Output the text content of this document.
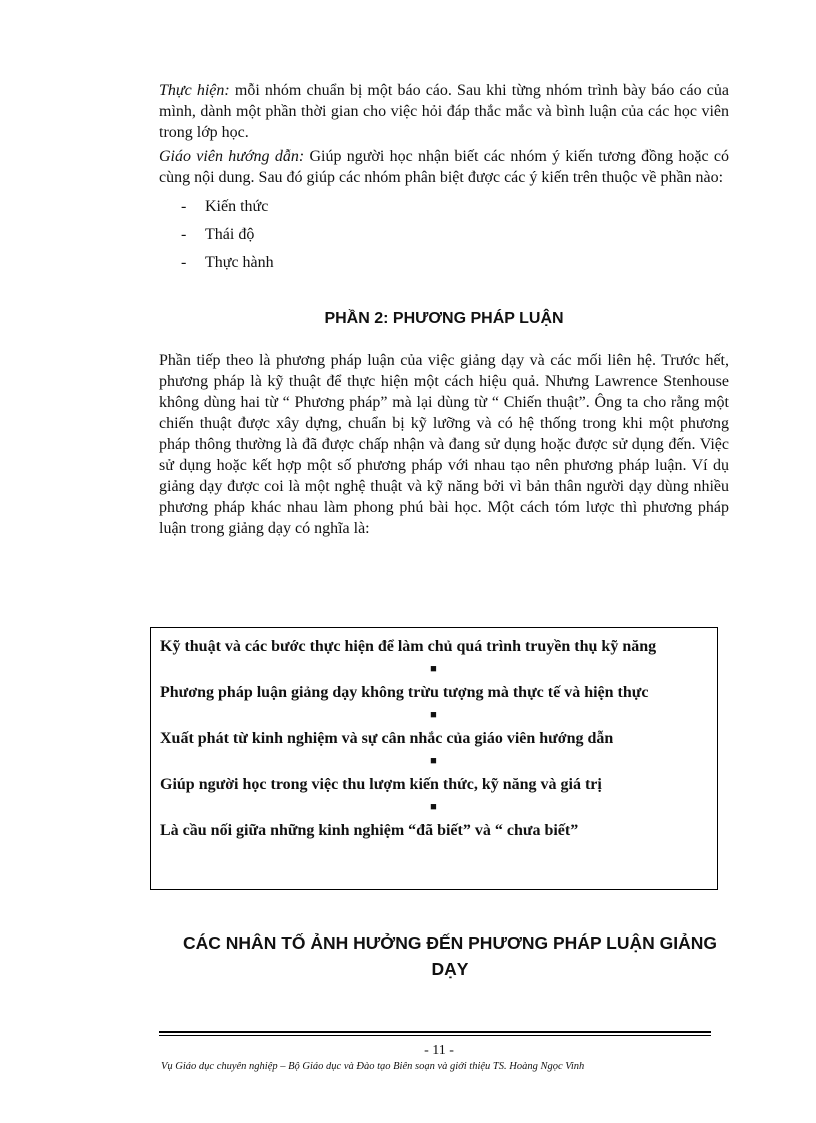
Thực hiện: mỗi nhóm chuẩn bị một báo cáo. Sau khi từng nhóm trình bày báo cáo của mình, dành một phần thời gian cho việc hỏi đáp thắc mắc và bình luận của các học viên trong lớp học.

Giáo viên hướng dẫn: Giúp người học nhận biết các nhóm ý kiến tương đồng hoặc có cùng nội dung. Sau đó giúp các nhóm phân biệt được các ý kiến trên thuộc về phần nào:

-	Kiến thức
-	Thái độ
-	Thực hành
PHẦN 2: PHƯƠNG PHÁP LUẬN

Phần tiếp theo là phương pháp luận của việc giảng dạy và các mối liên hệ. Trước hết, phương pháp là kỹ thuật để thực hiện một cách hiệu quả. Nhưng Lawrence Stenhouse không dùng hai từ “ Phương pháp” mà lại dùng từ “ Chiến thuật”. Ông ta cho rằng một chiến thuật được xây dựng, chuẩn bị kỹ lưỡng và có hệ thống trong khi một phương pháp thông thường là đã được chấp nhận và đang sử dụng hoặc được sử dụng đến. Việc sử dụng hoặc kết hợp một số phương pháp với nhau tạo nên phương pháp luận. Ví dụ giảng dạy được coi là một nghệ thuật và kỹ năng bởi vì bản thân người dạy dùng nhiều phương pháp khác nhau làm phong phú bài học. Một cách tóm lược thì phương pháp luận trong giảng dạy có nghĩa là:

Kỹ thuật và các bước thực hiện để làm chủ quá trình truyền thụ kỹ năng
■
Phương pháp luận giảng dạy không trừu tượng mà thực tế và hiện thực
■
Xuất phát từ kinh nghiệm và sự cân nhắc của giáo viên hướng dẫn
■
Giúp người học trong việc thu lượm kiến thức, kỹ năng và giá trị
■
Là cầu nối giữa những kinh nghiệm “đã biết” và “ chưa biết”
CÁC NHÂN TỐ ẢNH HƯỞNG ĐẾN PHƯƠNG PHÁP LUẬN GIẢNG DẠY
- 11 -
Vụ Giáo dục chuyên nghiệp – Bộ Giáo dục và Đào tạo Biên soạn và giới thiệu TS. Hoàng Ngọc Vinh
